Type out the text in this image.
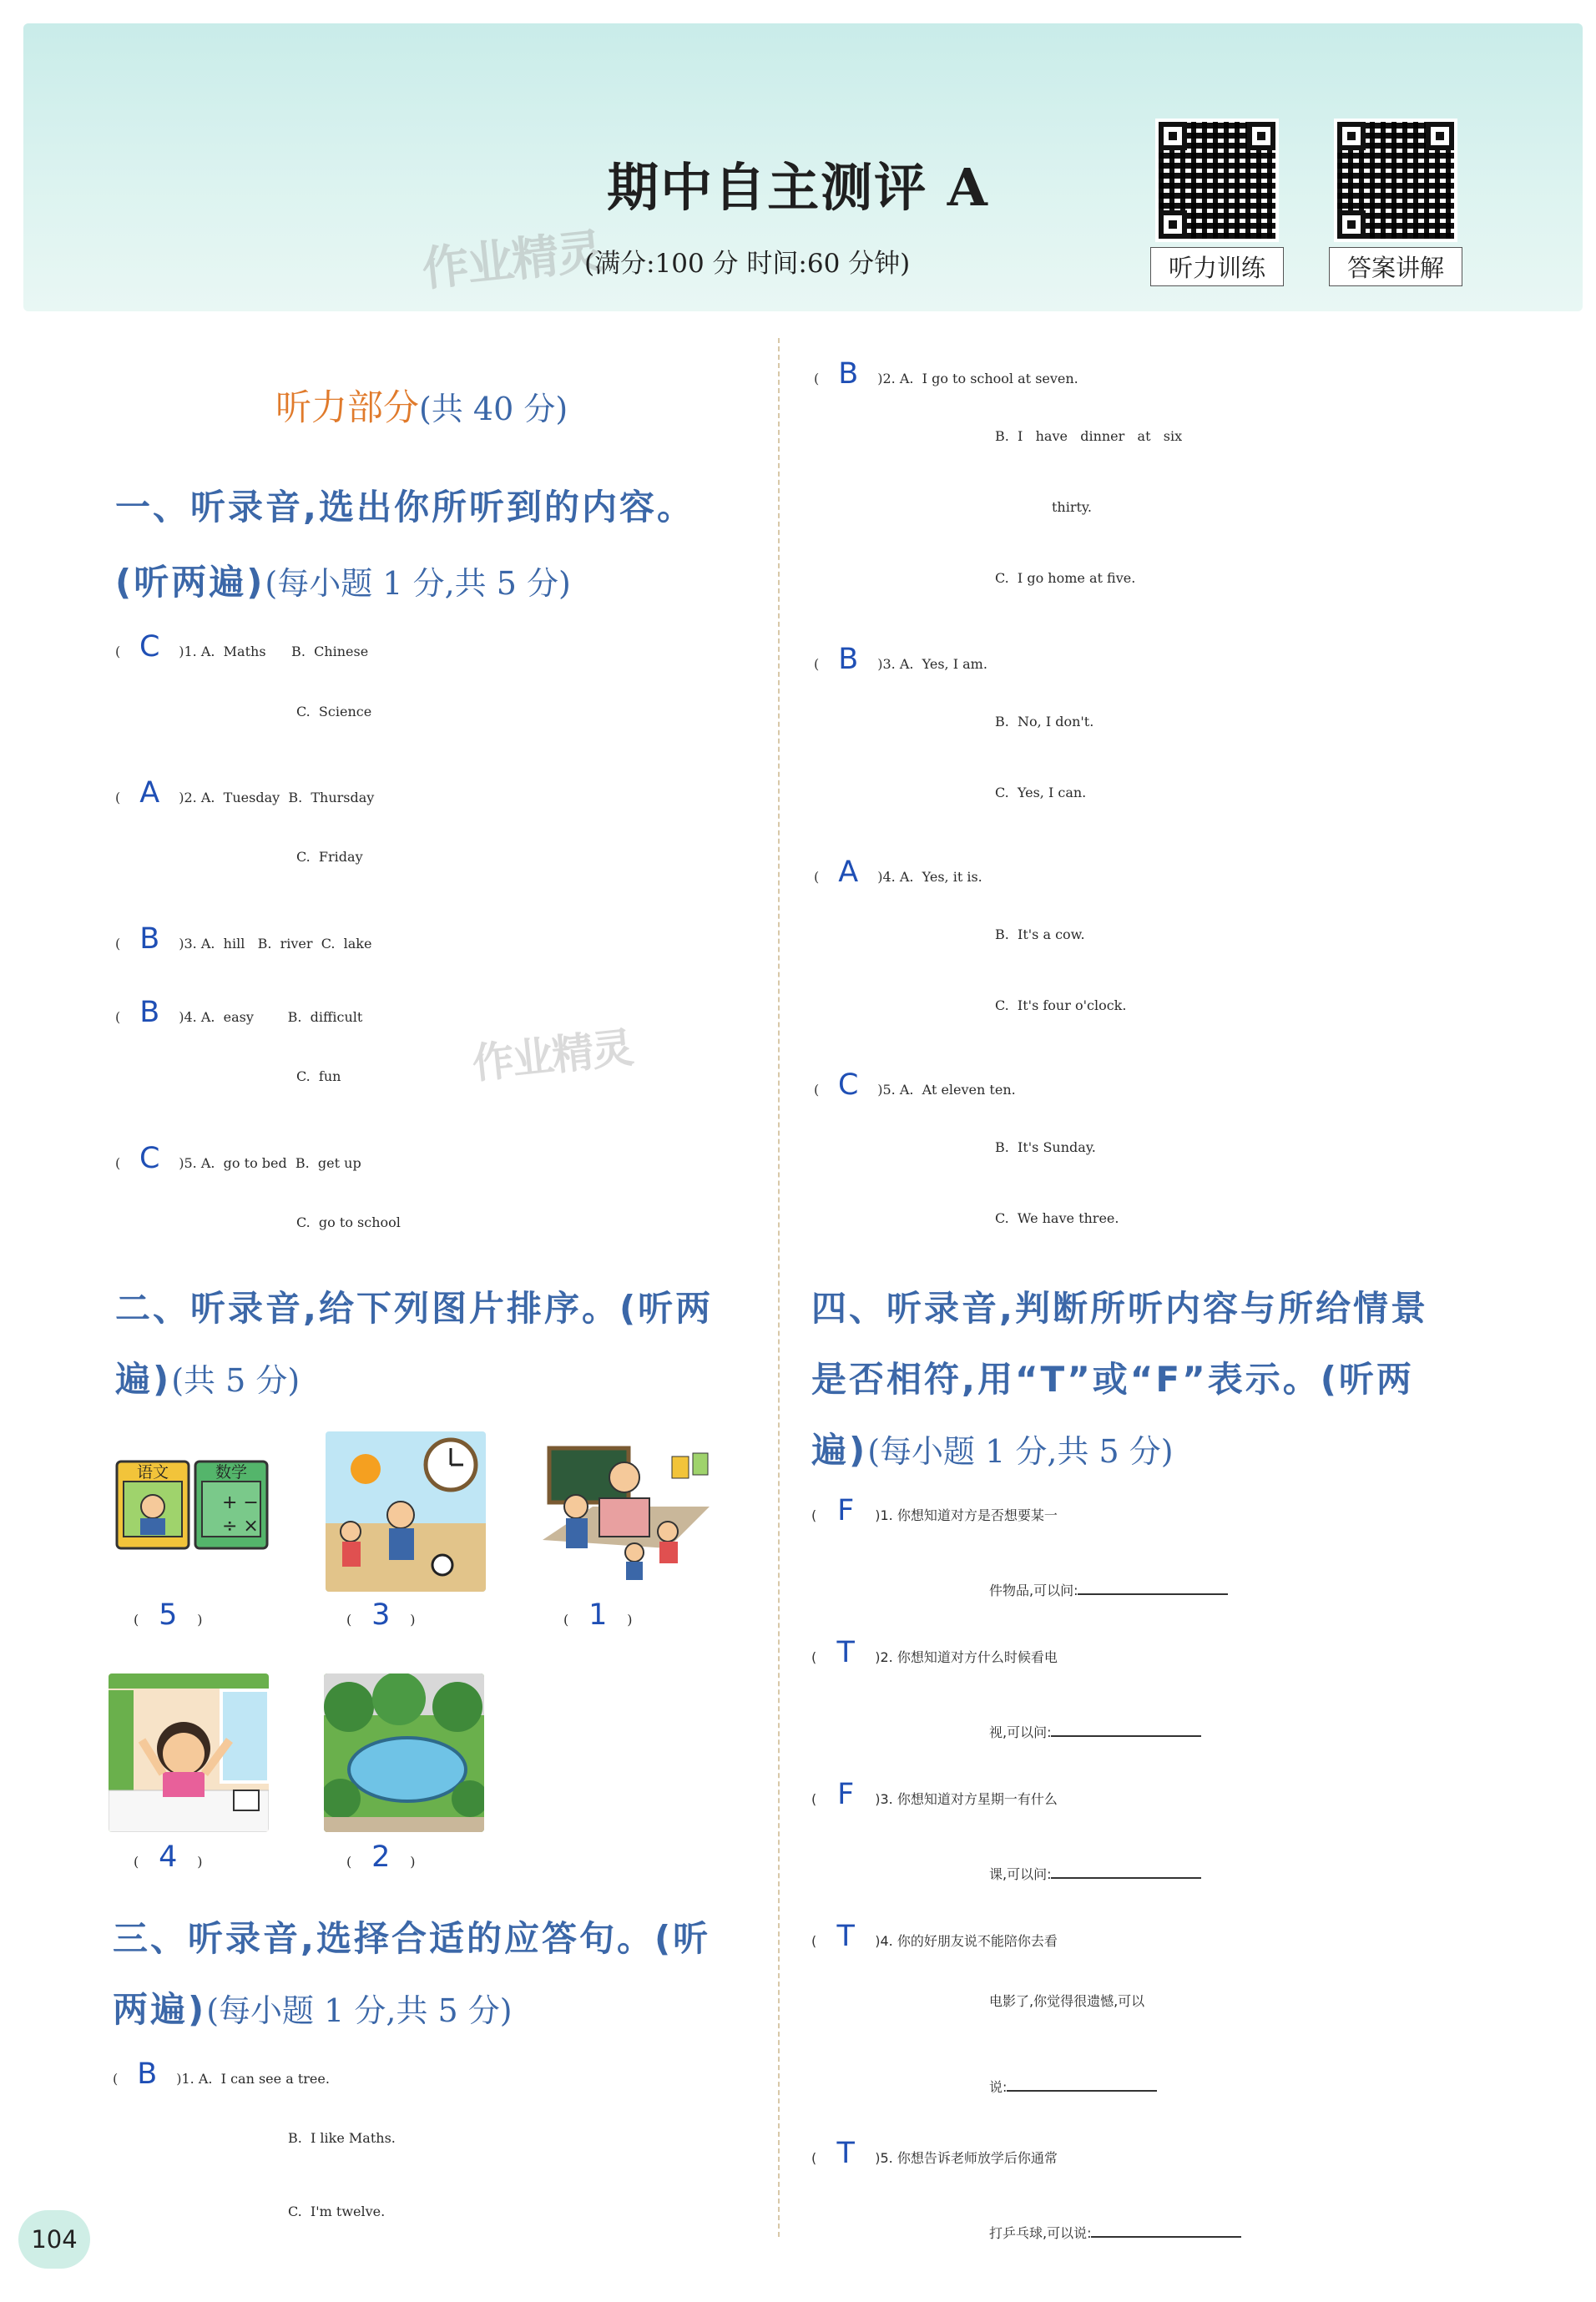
期中自主测评 A
作业精灵
(满分:100 分 时间:60 分钟)	听力训练	答案讲解
听力部分(共 40 分)
一、听录音,选出你所听到的内容。
(听两遍)(每小题 1 分,共 5 分)
( C )1. A.  Maths      B.  Chinese
C.  Science
( A )2. A.  Tuesday  B.  Thursday
C.  Friday
( B )3. A.  hill   B.  river  C.  lake
( B )4. A.  easy        B.  difficult
作业精灵
C.  fun
( C )5. A.  go to bed  B.  get up
C.  go to school
二、听录音,给下列图片排序。(听两
遍)(共 5 分)
语文
+ −
÷ ×
数学
( 5 )	( 3 )	( 1 )
( 4 )	( 2 )
三、听录音,选择合适的应答句。(听
两遍)(每小题 1 分,共 5 分)
( B )1. A.  I can see a tree.
B.  I like Maths.
C.  I'm twelve.
104
( B )2. A.  I go to school at seven.
B.  I   have   dinner   at   six
thirty.
C.  I go home at five.
( B )3. A.  Yes, I am.
B.  No, I don't.
C.  Yes, I can.
( A )4. A.  Yes, it is.
B.  It's a cow.
C.  It's four o'clock.
( C )5. A.  At eleven ten.
B.  It's Sunday.
C.  We have three.
四、听录音,判断所听内容与所给情景
是否相符,用“T”或“F”表示。(听两
遍)(每小题 1 分,共 5 分)
( F )1. 你想知道对方是否想要某一
件物品,可以问:
( T )2. 你想知道对方什么时候看电
视,可以问:
( F )3. 你想知道对方星期一有什么
课,可以问:
( T )4. 你的好朋友说不能陪你去看
电影了,你觉得很遗憾,可以
说:
( T )5. 你想告诉老师放学后你通常
打乒乓球,可以说:
